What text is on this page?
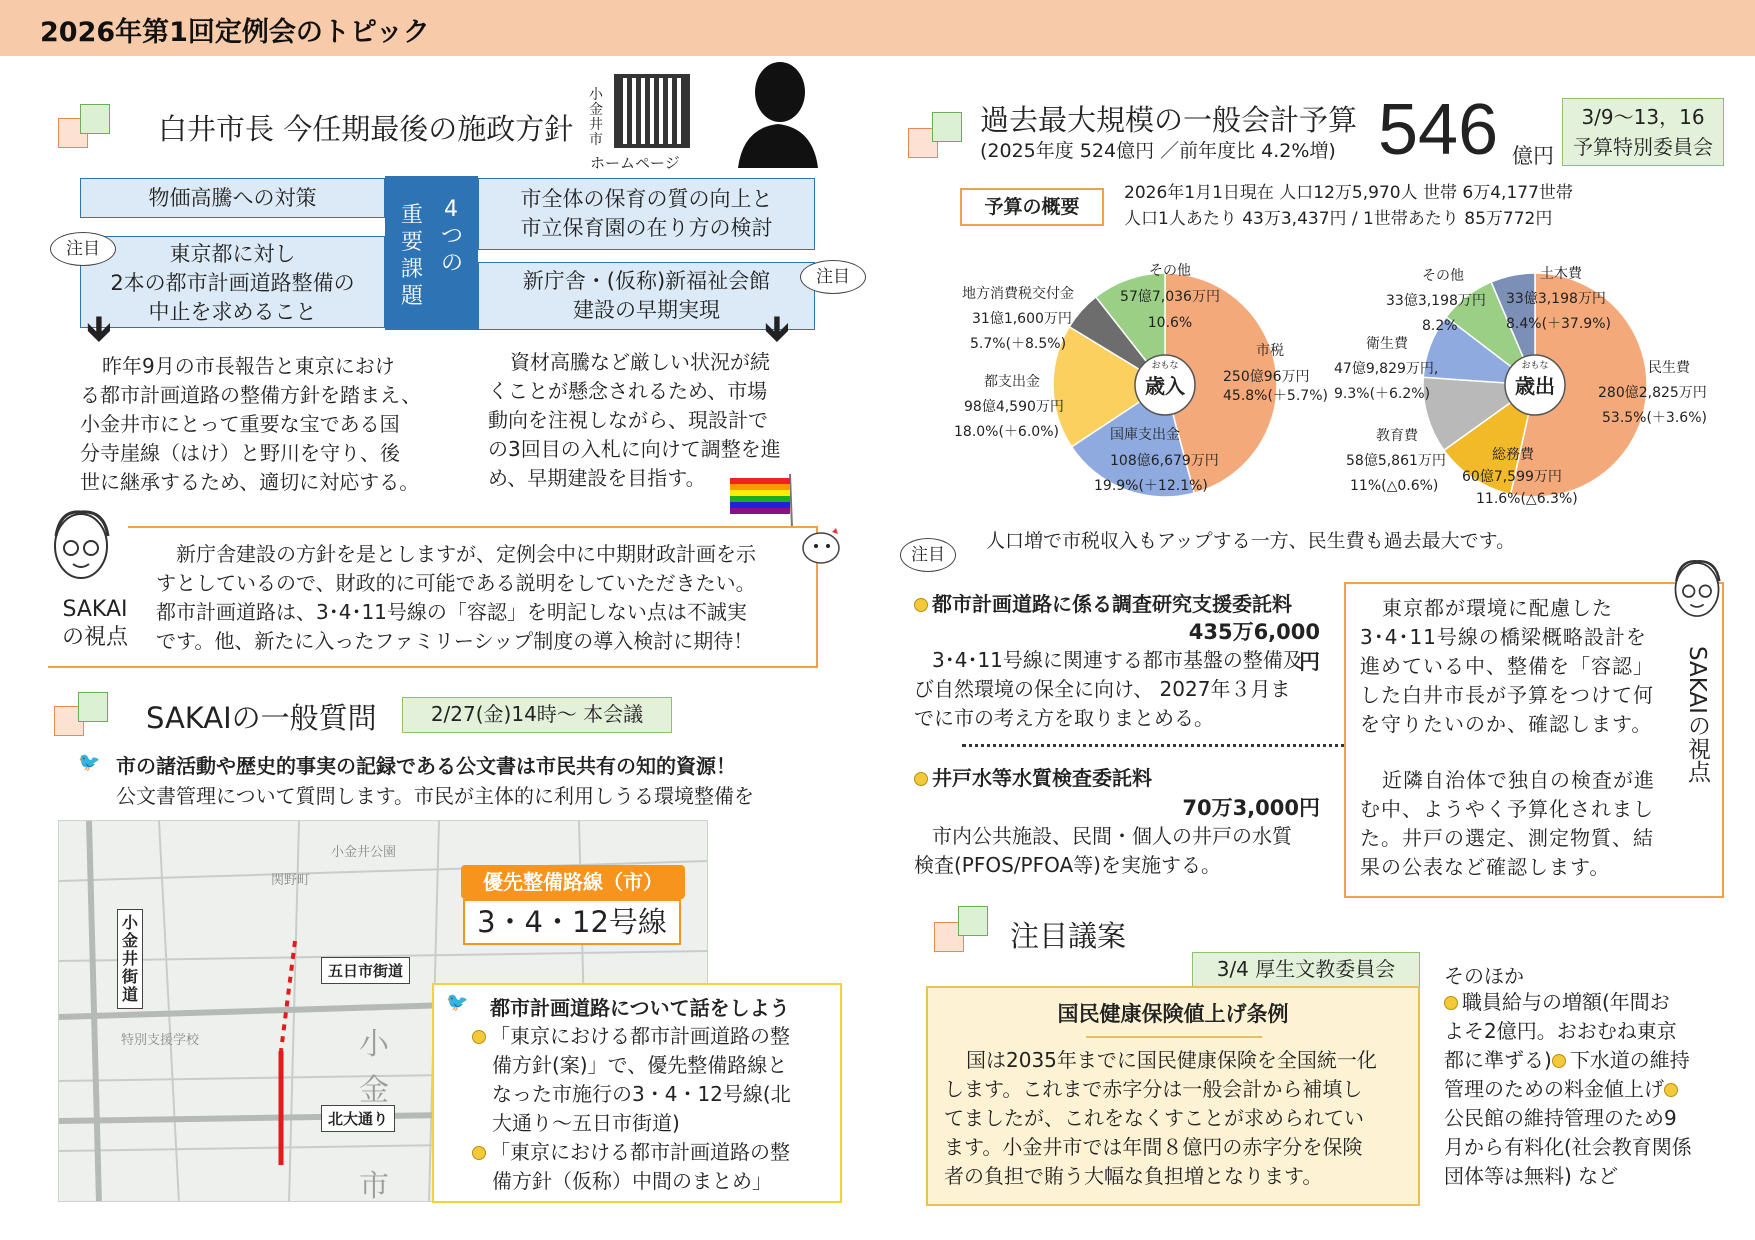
2026年第1回定例会のトピック
白井市長 今任期最後の施政方針
小金井市
ホームページ
物価高騰への対策
東京都に対し
2本の都市計画道路整備の
中止を求めること
4
つ
の
重
要
課
題
市全体の保育の質の向上と
市立保育園の在り方の検討
新庁舎・(仮称)新福祉会館
建設の早期実現
注目
注目
🡻	🡻
昨年9月の市長報告と東京におけ
る都市計画道路の整備方針を踏まえ、
小金井市にとって重要な宝である国
分寺崖線（はけ）と野川を守り、後
世に継承するため、適切に対応する。
資材高騰など厳しい状況が続
くことが懸念されるため、市場
動向を注視しながら、現設計で
の3回目の入札に向けて調整を進
め、早期建設を目指す。
SAKAI
の視点
新庁舎建設の方針を是としますが、定例会中に中期財政計画を示
すとしているので、財政的に可能である説明をしていただきたい。
都市計画道路は、3･4･11号線の「容認」を明記しない点は不誠実
です。他、新たに入ったファミリーシップ制度の導入検討に期待！
SAKAIの一般質問	2/27(金)14時～ 本会議
🐦 市の諸活動や歴史的事実の記録である公文書は市民共有の知的資源！
公文書管理について質問します。市民が主体的に利用しうる環境整備を
小金井街道
五日市街道
北大通り
小
金
市
小金井公園
特別支援学校
関野町	優先整備路線（市）
3・4・12号線
🐦 都市計画道路について話をしよう
「東京における都市計画道路の整
備方針(案)」で、優先整備路線と
なった市施行の3・4・12号線(北
大通り～五日市街道)
「東京における都市計画道路の整
備方針（仮称）中間のまとめ」
過去最大規模の一般会計予算
(2025年度 524億円 ／前年度比 4.2%増) 546 億円
3/9～13，16
予算特別委員会
予算の概要
2026年1月1日現在 人口12万5,970人 世帯 6万4,177世帯
人口1人あたり 43万3,437円 / 1世帯あたり 85万772円
おもな
歳入
市税
250億96万円
45.8%(＋5.7%)
国庫支出金
108億6,679万円
19.9%(＋12.1%)
都支出金
98億4,590万円
18.0%(＋6.0%)
地方消費税交付金
31億1,600万円
5.7%(＋8.5%)
その他
57億7,036万円
10.6%
おもな
歳出
民生費
280億2,825万円
53.5%(＋3.6%)
総務費
60億7,599万円
11.6%(△6.3%)
教育費
58億5,861万円
11%(△0.6%)
衛生費
47億9,829万円,
9.3%(＋6.2%)
その他
33億3,198万円
8.2%
土木費
33億3,198万円
8.4%(＋37.9%)
人口増で市税収入もアップする一方、民生費も過去最大です。
注目
都市計画道路に係る調査研究支援委託料
435万6,000円
3･4･11号線に関連する都市基盤の整備及
び自然環境の保全に向け、 2027年３月ま
でに市の考え方を取りまとめる。
井戸水等水質検査委託料
70万3,000円
市内公共施設、民間・個人の井戸の水質
検査(PFOS/PFOA等)を実施する。
SAKAIの視点
東京都が環境に配慮した
3･4･11号線の橋梁概略設計を
進めている中、整備を「容認」
した白井市長が予算をつけて何
を守りたいのか、確認します。
近隣自治体で独自の検査が進
む中、ようやく予算化されまし
た。井戸の選定、測定物質、結
果の公表など確認します。
注目議案
3/4 厚生文教委員会
国民健康保険値上げ条例
国は2035年までに国民健康保険を全国統一化
します。これまで赤字分は一般会計から補填し
てましたが、これをなくすことが求められてい
ます。小金井市では年間８億円の赤字分を保険
者の負担で賄う大幅な負担増となります。
そのほか
職員給与の増額(年間お
よそ2億円。おおむね東京
都に準ずる) 下水道の維持
管理のための料金値上げ
公民館の維持管理のため9
月から有料化(社会教育関係
団体等は無料) など
